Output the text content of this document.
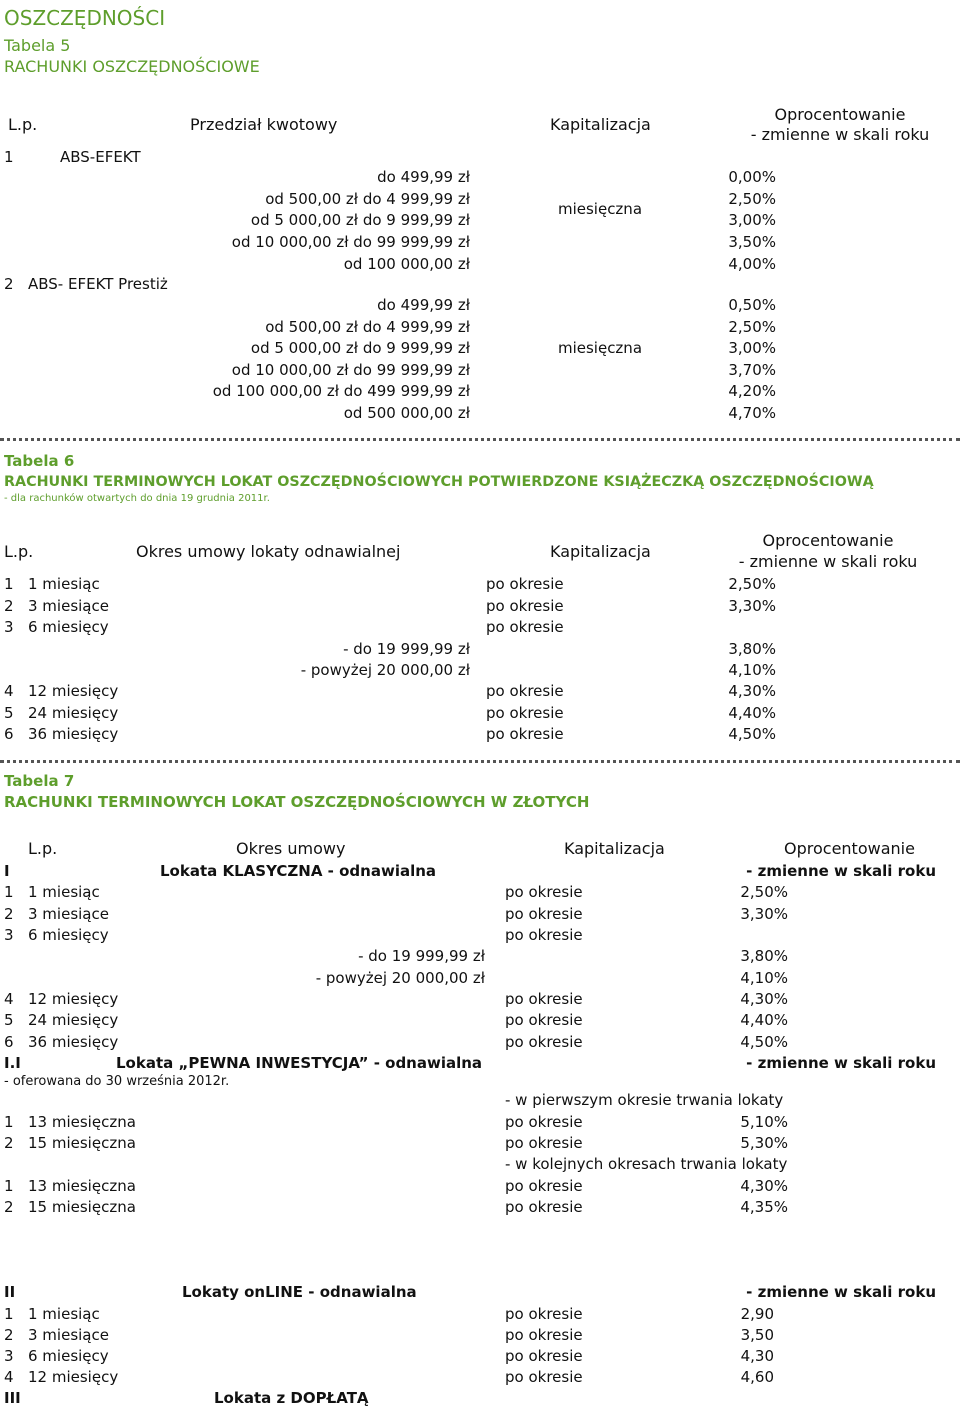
OSZCZĘDNOŚCI
Tabela 5
RACHUNKI OSZCZĘDNOŚCIOWE
L.p.	Przedział kwotowy	Kapitalizacja
Oprocentowanie
- zmienne w skali roku
1	ABS-EFEKT
miesięczna
do 499,99 zł	0,00%
od 500,00 zł do 4 999,99 zł	2,50%
od 5 000,00 zł do 9 999,99 zł	3,00%
od 10 000,00 zł do 99 999,99 zł	3,50%
od 100 000,00 zł	4,00%
2 ABS- EFEKT Prestiż
miesięczna
do 499,99 zł	0,50%
od 500,00 zł do 4 999,99 zł	2,50%
od 5 000,00 zł do 9 999,99 zł	3,00%
od 10 000,00 zł do 99 999,99 zł	3,70%
od 100 000,00 zł do 499 999,99 zł	4,20%
od 500 000,00 zł	4,70%
Tabela 6
RACHUNKI TERMINOWYCH LOKAT OSZCZĘDNOŚCIOWYCH POTWIERDZONE KSIĄŻECZKĄ OSZCZĘDNOŚCIOWĄ
- dla rachunków otwartych do dnia 19 grudnia 2011r.
L.p.	Okres umowy lokaty odnawialnej	Kapitalizacja
Oprocentowanie
- zmienne w skali roku
1 1 miesiąc	po okresie	2,50%
2 3 miesiące	po okresie	3,30%
3 6 miesięcy	po okresie
- do 19 999,99 zł	3,80%
- powyżej 20 000,00 zł	4,10%
4 12 miesięcy	po okresie	4,30%
5 24 miesięcy	po okresie	4,40%
6 36 miesięcy	po okresie	4,50%
Tabela 7
RACHUNKI TERMINOWYCH LOKAT OSZCZĘDNOŚCIOWYCH W ZŁOTYCH
L.p.	Okres umowy	Kapitalizacja	Oprocentowanie
I	Lokata KLASYCZNA - odnawialna	- zmienne w skali roku
1 1 miesiąc	po okresie	2,50%
2 3 miesiące	po okresie	3,30%
3 6 miesięcy	po okresie
- do 19 999,99 zł	3,80%
- powyżej 20 000,00 zł	4,10%
4 12 miesięcy	po okresie	4,30%
5 24 miesięcy	po okresie	4,40%
6 36 miesięcy	po okresie	4,50%
I.I	Lokata „PEWNA INWESTYCJA” - odnawialna	- zmienne w skali roku
- oferowana do 30 września 2012r.
- w pierwszym okresie trwania lokaty
1 13 miesięczna	po okresie	5,10%
2 15 miesięczna	po okresie	5,30%
- w kolejnych okresach trwania lokaty
1 13 miesięczna	po okresie	4,30%
2 15 miesięczna	po okresie	4,35%
II	Lokaty onLINE - odnawialna	- zmienne w skali roku
1 1 miesiąc	po okresie	2,90
2 3 miesiące	po okresie	3,50
3 6 miesięcy	po okresie	4,30
4 12 miesięcy	po okresie	4,60
III	Lokata z DOPŁATĄ
